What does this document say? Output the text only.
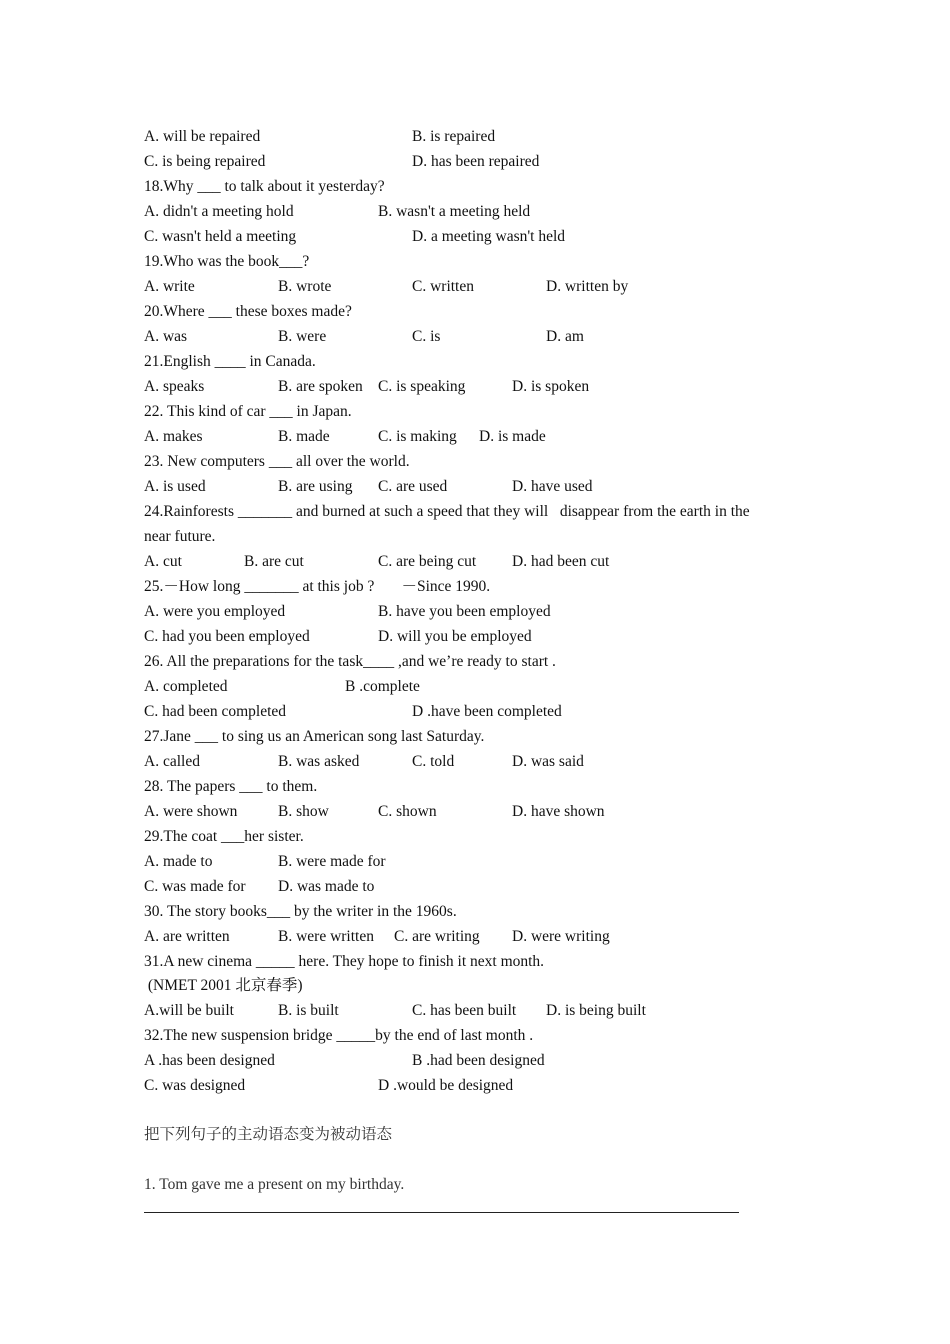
A. will be repaired	B. is repaired
C. is being repaired	D. has been repaired
18.Why ___ to talk about it yesterday?
A. didn't a meeting hold	B. wasn't a meeting held
C. wasn't held a meeting	D. a meeting wasn't held
19.Who was the book___?
A. write	B. wrote	C. written	D. written by
20.Where ___ these boxes made?
A. was	B. were	C. is	D. am
21.English ____ in Canada.
A. speaks	B. are spoken C. is speaking	D. is spoken
22. This kind of car ___ in Japan.
A. makes	B. made	C. is making D. is made
23. New computers ___ all over the world.
A. is used	B. are using C. are used	D. have used
24.Rainforests _______ and burned at such a speed that they will   disappear from the earth in the
near future.
A. cut	B. are cut	C. are being cut D. had been cut
25.－How long _______ at this job ?       －Since 1990.
A. were you employed	B. have you been employed
C. had you been employed	D. will you be employed
26. All the preparations for the task____ ,and we’re ready to start .
A. completed	B .complete
C. had been completed	D .have been completed
27.Jane ___ to sing us an American song last Saturday.
A. called	B. was asked	C. told	D. was said
28. The papers ___ to them.
A. were shown	B. show	C. shown	D. have shown
29.The coat ___her sister.
A. made to	B. were made for
C. was made for D. was made to
30. The story books___ by the writer in the 1960s.
A. are written	B. were written C. are writing D. were writing
31.A new cinema _____ here. They hope to finish it next month.
(NMET 2001 北京春季)
A.will be built	B. is built	C. has been built D. is being built
32.The new suspension bridge _____by the end of last month .
A .has been designed	B .had been designed
C. was designed	D .would be designed
把下列句子的主动语态变为被动语态
1. Tom gave me a present on my birthday.
